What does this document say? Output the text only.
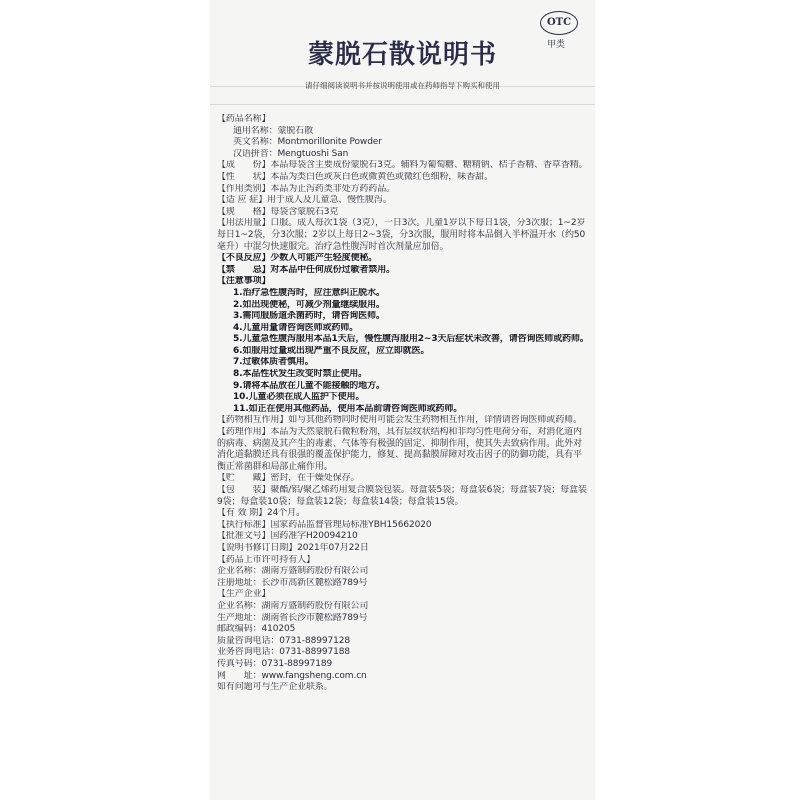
蒙脱石散说明书
OTC
甲类
请仔细阅读说明书并按说明使用或在药师指导下购买和使用
【药品名称】
通用名称：蒙脱石散
英文名称：Montmorillonite Powder
汉语拼音：Mengtuoshi San
【成　　份】本品每袋含主要成份蒙脱石3克。辅料为葡萄糖、糖精钠、桔子香精、香草香精。
【性　　状】本品为类白色或灰白色或微黄色或微红色细粉，味香甜。
【作用类别】本品为止泻药类非处方药药品。
【适 应 症】用于成人及儿童急、慢性腹泻。
【规　　格】每袋含蒙脱石3克
【用法用量】口服。成人每次1袋（3克），一日3次。儿童1岁以下每日1袋，分3次服；1~2岁每日1~2袋，分3次服；2岁以上每日2~3袋，分3次服，服用时将本品倒入半杯温开水（约50毫升）中混匀快速服完。治疗急性腹泻时首次剂量应加倍。
【不良反应】少数人可能产生轻度便秘。
【禁　　忌】对本品中任何成份过敏者禁用。
【注意事项】
1.治疗急性腹泻时，应注意纠正脱水。
2.如出现便秘，可减少剂量继续服用。
3.需同服肠道杀菌药时，请咨询医师。
4.儿童用量请咨询医师或药师。
5.儿童急性腹泻服用本品1天后，慢性腹泻服用2~3天后症状未改善，请咨询医师或药师。
6.如服用过量或出现严重不良反应，应立即就医。
7.过敏体质者慎用。
8.本品性状发生改变时禁止使用。
9.请将本品放在儿童不能接触的地方。
10.儿童必须在成人监护下使用。
11.如正在使用其他药品，使用本品前请咨询医师或药师。
【药物相互作用】如与其他药物同时使用可能会发生药物相互作用，详情请咨询医师或药师。
【药理作用】本品为天然蒙脱石微粒粉剂，具有层纹状结构和非均匀性电荷分布，对消化道内的病毒、病菌及其产生的毒素、气体等有极强的固定、抑制作用，使其失去致病作用。此外对消化道黏膜还具有很强的覆盖保护能力，修复、提高黏膜屏障对攻击因子的防御功能，具有平衡正常菌群和局部止痛作用。
【贮　　藏】密封，在干燥处保存。
【包　　装】聚酯/铝/聚乙烯药用复合膜袋包装。每盒装5袋；每盒装6袋；每盒装7袋；每盒装9袋；每盒装10袋；每盒装12袋；每盒装14袋；每盒装15袋。
【有 效 期】24个月。
【执行标准】国家药品监督管理局标准YBH15662020
【批准文号】国药准字H20094210
【说明书修订日期】2021年07月22日
【药品上市许可持有人】
企业名称：湖南方盛制药股份有限公司
注册地址：长沙市高新区麓松路789号
【生产企业】
企业名称：湖南方盛制药股份有限公司
生产地址：湖南省长沙市麓松路789号
邮政编码：410205
质量咨询电话：0731-88997128
业务咨询电话：0731-88997188
传真号码：0731-88997189
网　　址：www.fangsheng.com.cn
如有问题可与生产企业联系。
